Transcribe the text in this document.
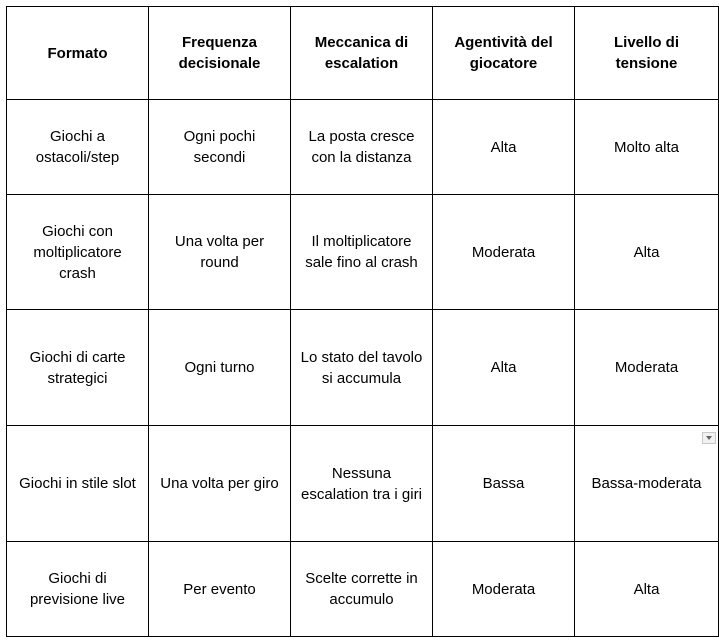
Formato	Frequenza decisionale	Meccanica di escalation	Agentività del giocatore	Livello di tensione
Giochi a ostacoli/step	Ogni pochi secondi	La posta cresce con la distanza	Alta	Molto alta
Giochi con moltiplicatore crash	Una volta per round	Il moltiplicatore sale fino al crash	Moderata	Alta
Giochi di carte strategici	Ogni turno	Lo stato del tavolo si accumula	Alta	Moderata
Giochi in stile slot	Una volta per giro	Nessuna escalation tra i giri	Bassa	Bassa-moderata
Giochi di previsione live	Per evento	Scelte corrette in accumulo	Moderata	Alta
